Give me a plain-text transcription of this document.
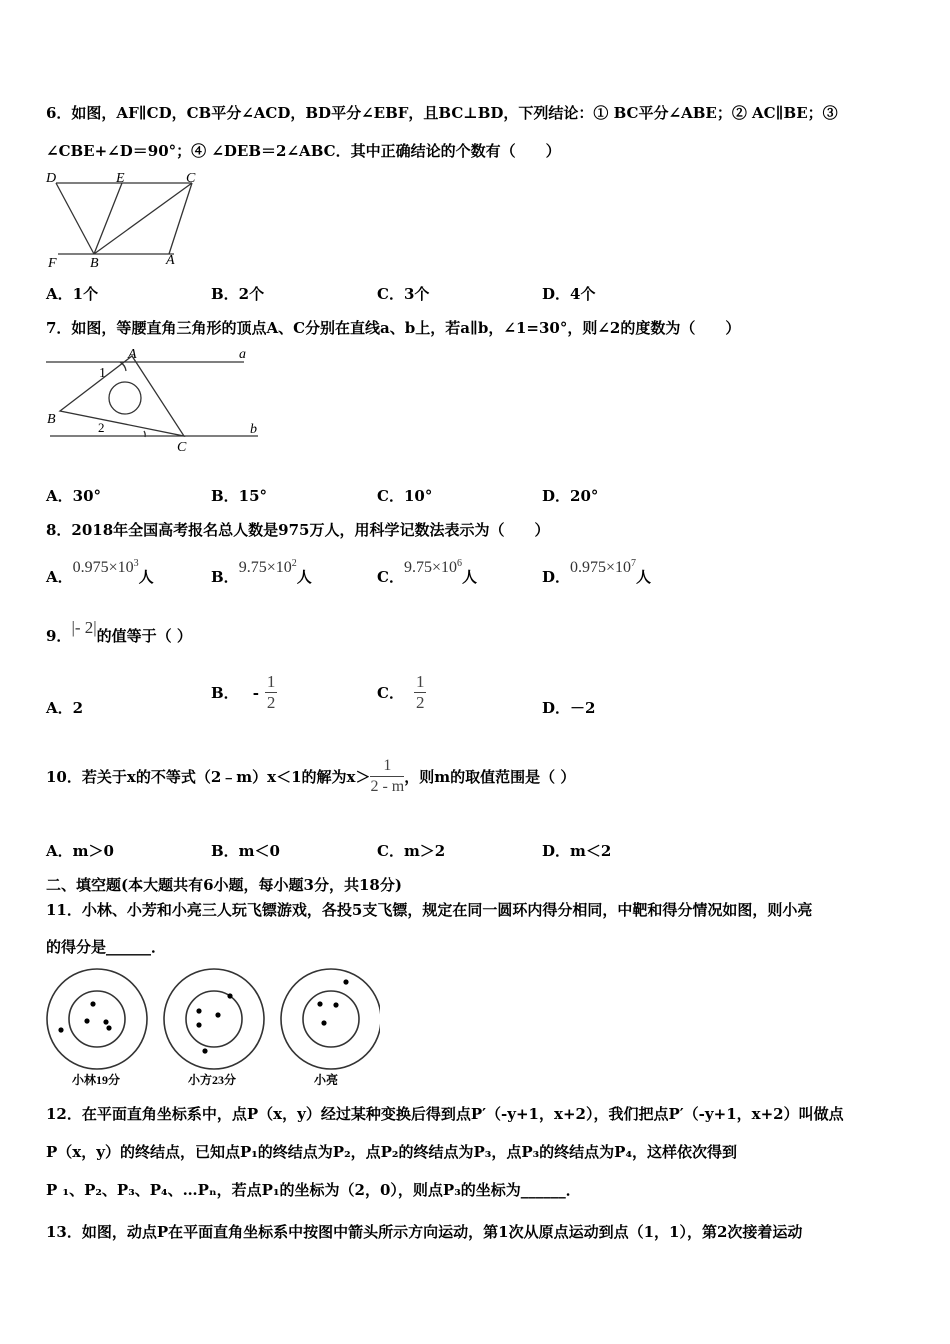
6．如图，AF∥CD，CB平分∠ACD，BD平分∠EBF，且BC⊥BD，下列结论：① BC平分∠ABE；② AC∥BE；③
∠CBE+∠D＝90°；④ ∠DEB＝2∠ABC．其中正确结论的个数有（　　）
D	E	C
F B	A
A．1个	B．2个	C．3个	D．4个
7．如图，等腰直角三角形的顶点A、C分别在直线a、b上，若a∥b，∠1=30°，则∠2的度数为（　　）
A	a
1
B
2
C
b
A．30°	B．15°	C．10°	D．20°
8．2018年全国高考报名总人数是975万人，用科学记数法表示为（　　）
A．$0.975\times 10^3$人	B．$9.75\times 10^2$人	C．$9.75\times 10^6$人	D．$0.975\times 10^7$人
9．|- 2|的值等于（ ）
A．2
B． - $\frac{1}{2}$	C． $\frac{1}{2}$	D．－2
10．若关于x的不等式（2﹣m）x＜1的解为$x> \frac{1}{2 - m}$ ，则m的取值范围是（ ）
A．m＞0	B．m＜0	C．m＞2	D．m＜2
二、填空题(本大题共有6小题，每小题3分，共18分)
11．小林、小芳和小亮三人玩飞镖游戏，各投5支飞镖，规定在同一圆环内得分相同，中靶和得分情况如图，则小亮
的得分是______．
小林19分	小方23分	小亮
12．在平面直角坐标系中，点P（x，y）经过某种变换后得到点P′（-y+1，x+2），我们把点P′（-y+1，x+2）叫做点
P（x，y）的终结点，已知点P₁的终结点为P₂，点P₂的终结点为P₃，点P₃的终结点为P₄，这样依次得到
P ₁、P₂、P₃、P₄、…Pₙ，若点P₁的坐标为（2，0），则点P₃的坐标为______．
13．如图，动点P在平面直角坐标系中按图中箭头所示方向运动，第1次从原点运动到点（1，1），第2次接着运动
